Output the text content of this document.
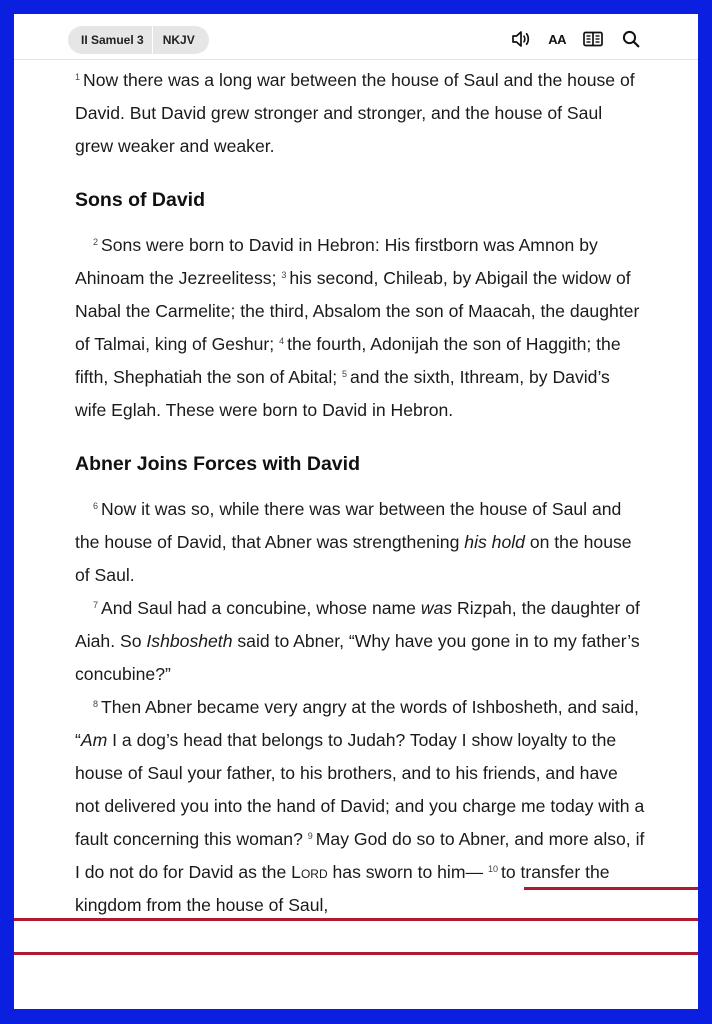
II Samuel 3	NKJV	AA

$^1$ Now there was a long war between the house of Saul and the house of David. But David grew stronger and stronger, and the house of Saul grew weaker and weaker.

Sons of David

$^2$ Sons were born to David in Hebron: His firstborn was Amnon by Ahinoam the Jezreelitess; $^3$ his second, Chileab, by Abigail the widow of Nabal the Carmelite; the third, Absalom the son of Maacah, the daughter of Talmai, king of Geshur; $^4$ the fourth, Adonijah the son of Haggith; the fifth, Shephatiah the son of Abital; $^5$ and the sixth, Ithream, by David’s wife Eglah. These were born to David in Hebron.

Abner Joins Forces with David

$^6$ Now it was so, while there was war between the house of Saul and the house of David, that Abner was strengthening his hold on the house of Saul.

$^7$ And Saul had a concubine, whose name was Rizpah, the daughter of Aiah. So Ishbosheth said to Abner, “Why have you gone in to my father’s concubine?”

$^8$ Then Abner became very angry at the words of Ishbosheth, and said, “Am I a dog’s head that belongs to Judah? Today I show loyalty to the house of Saul your father, to his brothers, and to his friends, and have not delivered you into the hand of David; and you charge me today with a fault concerning this woman? $^9$ May God do so to Abner, and more also, if I do not do for David as the Lord has sworn to him— $^{10}$ to transfer the kingdom from the house of Saul,
